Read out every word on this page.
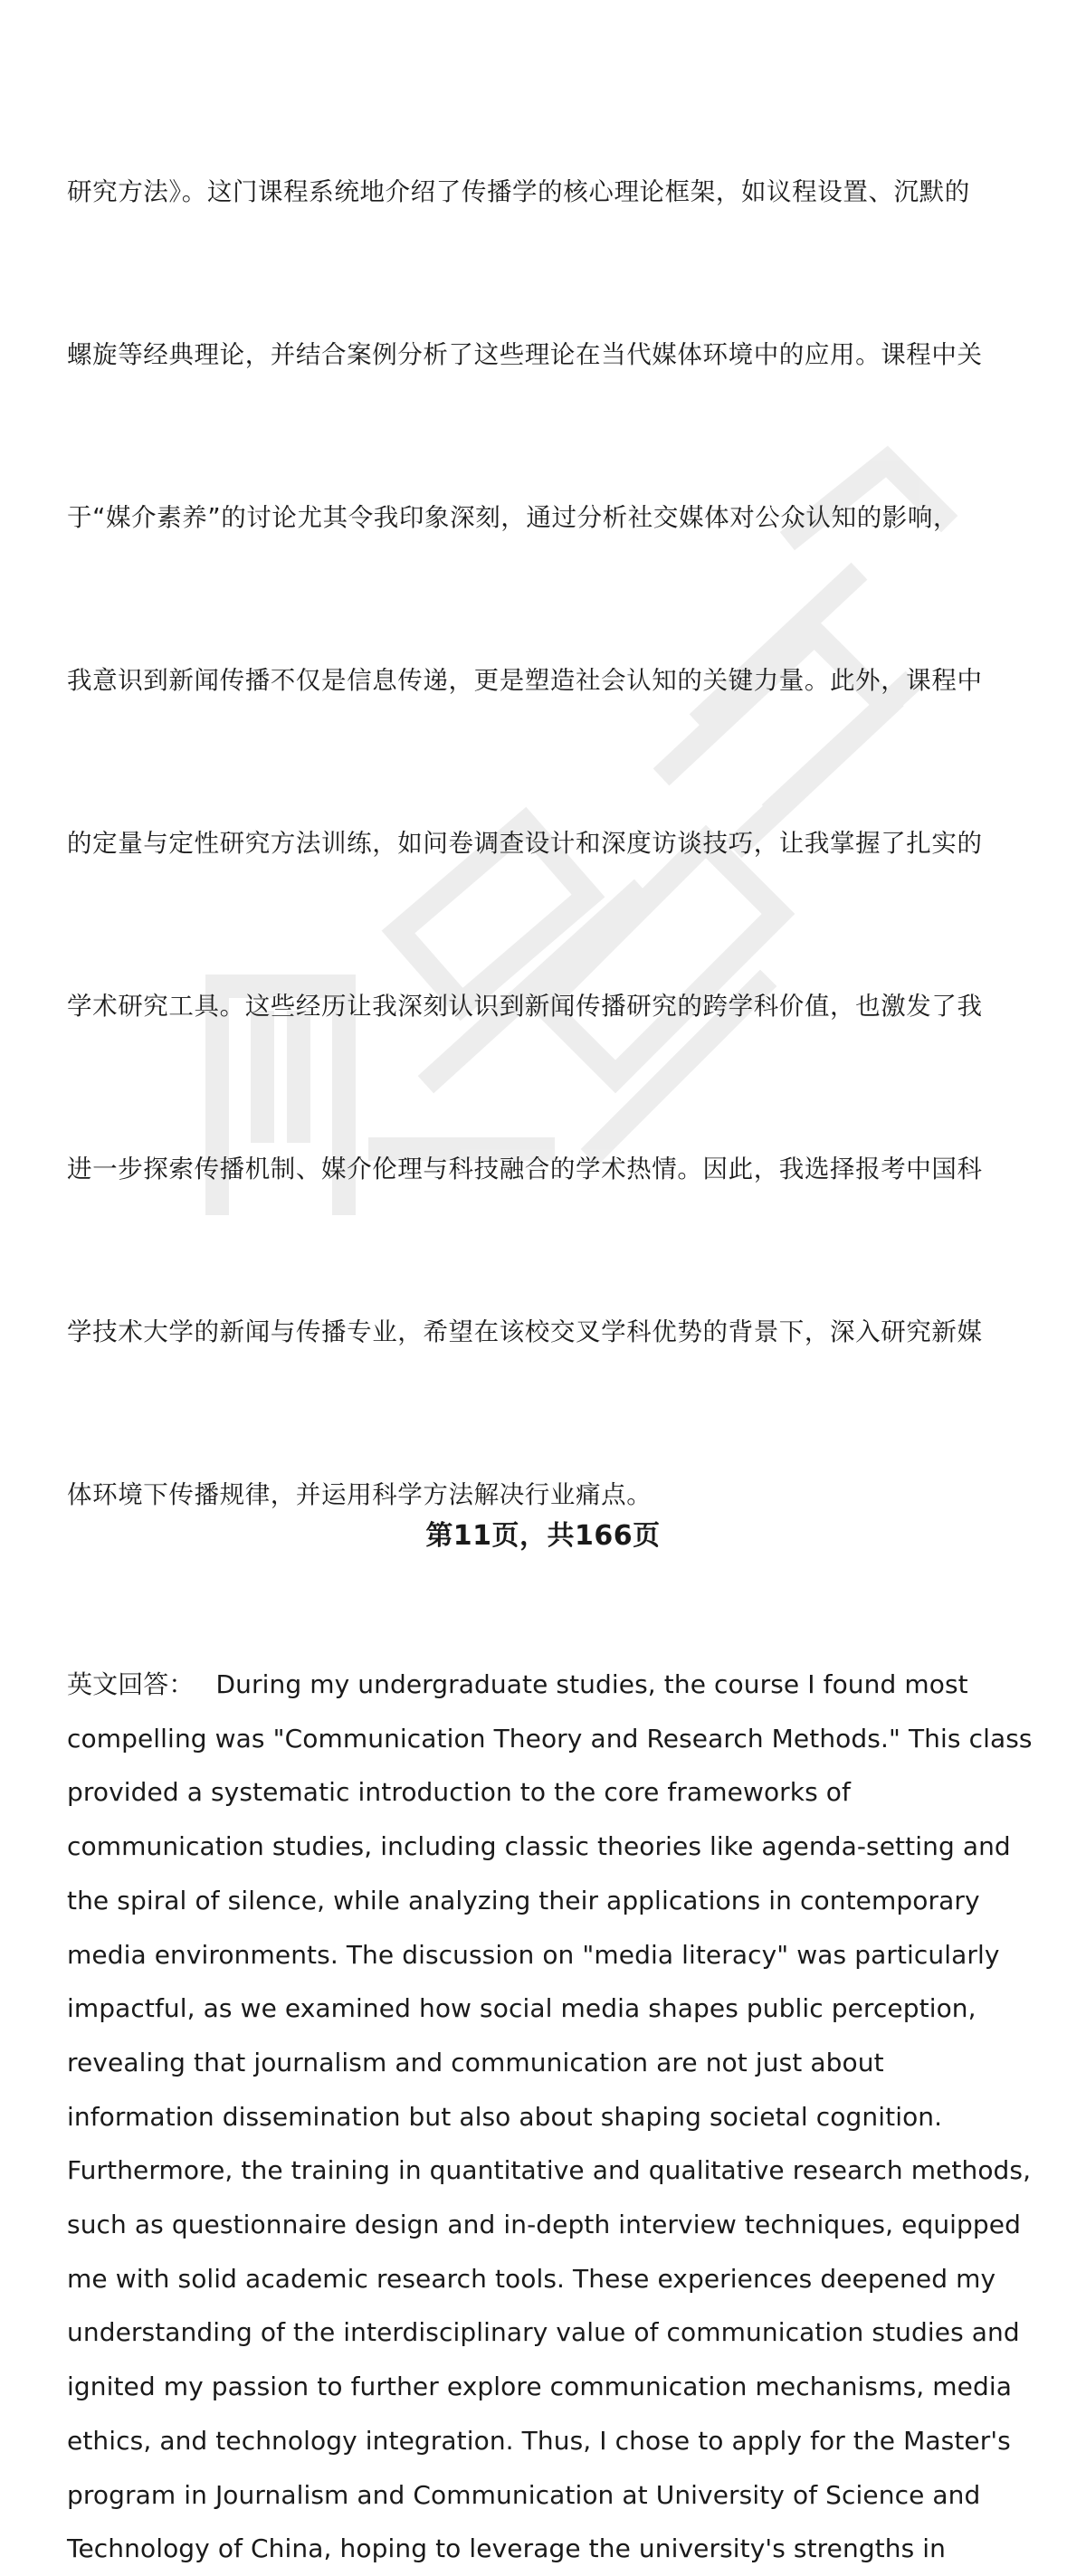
研究方法》。这门课程系统地介绍了传播学的核心理论框架，如议程设置、沉默的

螺旋等经典理论，并结合案例分析了这些理论在当代媒体环境中的应用。课程中关

于“媒介素养”的讨论尤其令我印象深刻，通过分析社交媒体对公众认知的影响，

我意识到新闻传播不仅是信息传递，更是塑造社会认知的关键力量。此外，课程中

的定量与定性研究方法训练，如问卷调查设计和深度访谈技巧，让我掌握了扎实的

学术研究工具。这些经历让我深刻认识到新闻传播研究的跨学科价值，也激发了我

进一步探索传播机制、媒介伦理与科技融合的学术热情。因此，我选择报考中国科

学技术大学的新闻与传播专业，希望在该校交叉学科优势的背景下，深入研究新媒

体环境下传播规律，并运用科学方法解决行业痛点。

英文回答： During my undergraduate studies, the course I found most
compelling was "Communication Theory and Research Methods." This class
provided a systematic introduction to the core frameworks of
communication studies, including classic theories like agenda-setting and
the spiral of silence, while analyzing their applications in contemporary
media environments. The discussion on "media literacy" was particularly
impactful, as we examined how social media shapes public perception,
revealing that journalism and communication are not just about
information dissemination but also about shaping societal cognition.
Furthermore, the training in quantitative and qualitative research methods,
such as questionnaire design and in-depth interview techniques, equipped
me with solid academic research tools. These experiences deepened my
understanding of the interdisciplinary value of communication studies and
ignited my passion to further explore communication mechanisms, media
ethics, and technology integration. Thus, I chose to apply for the Master's
program in Journalism and Communication at University of Science and
Technology of China, hoping to leverage the university's strengths in
第11页，共166页
